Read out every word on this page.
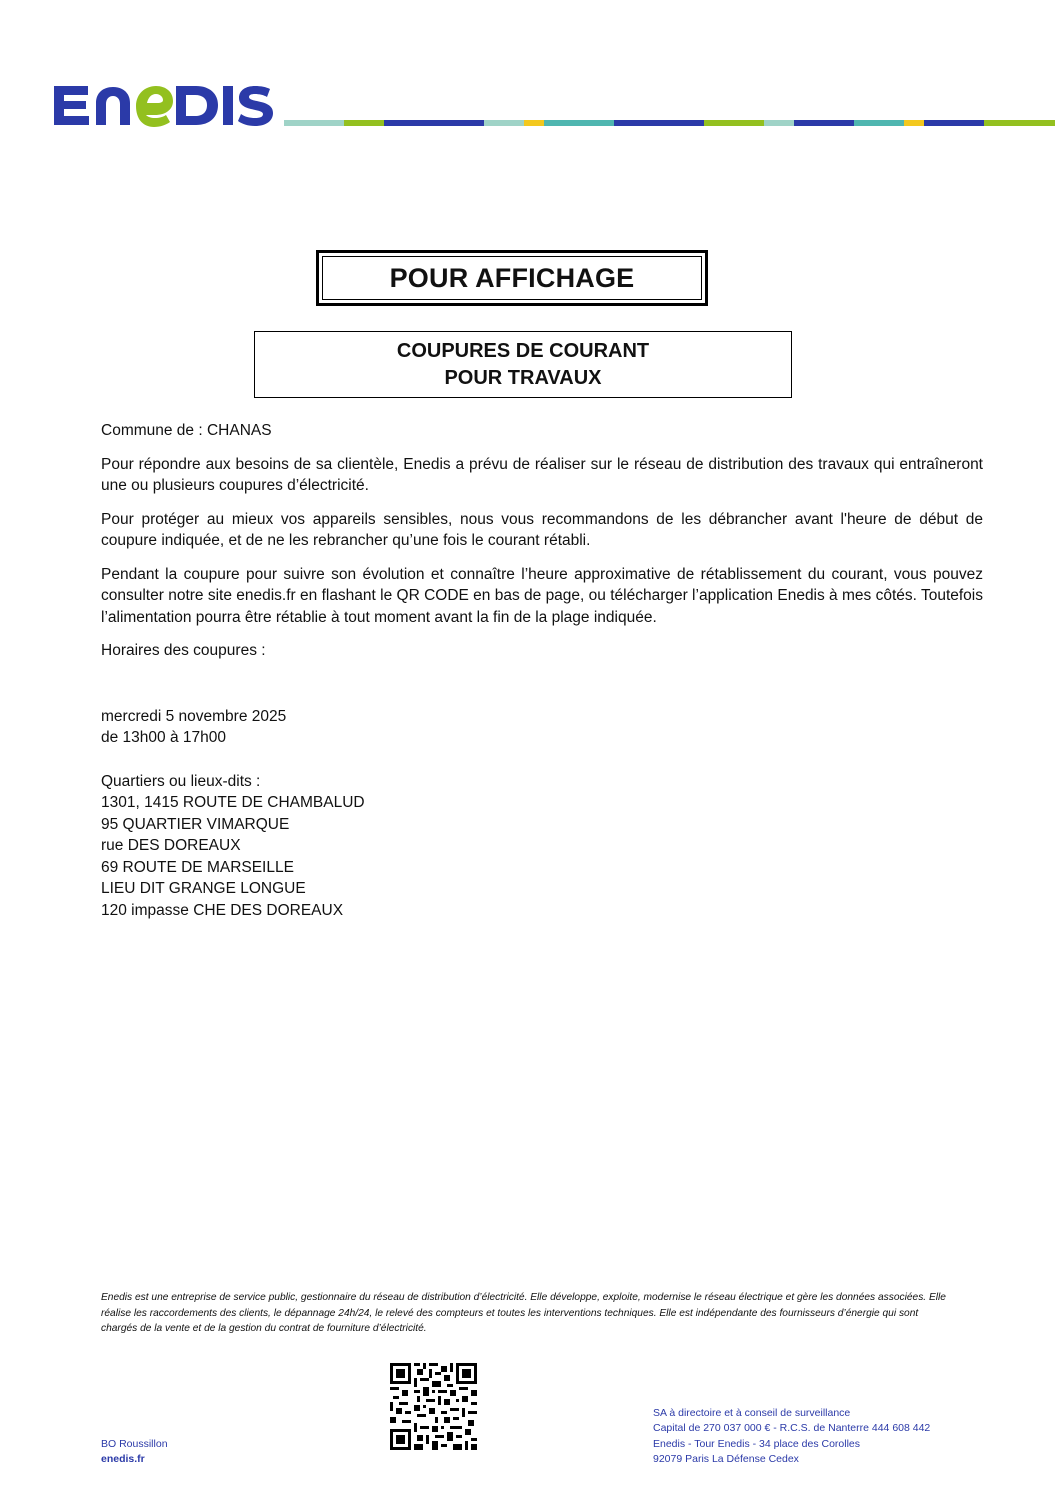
POUR AFFICHAGE
COUPURES DE COURANT
POUR TRAVAUX

Commune de : CHANAS

Pour répondre aux besoins de sa clientèle, Enedis a prévu de réaliser sur le réseau de distribution des travaux qui entraîneront une ou plusieurs coupures d’électricité.

Pour protéger au mieux vos appareils sensibles, nous vous recommandons de les débrancher avant l'heure de début de coupure indiquée, et de ne les rebrancher qu’une fois le courant rétabli.

Pendant la coupure pour suivre son évolution et connaître l’heure approximative de rétablissement du courant, vous pouvez consulter notre site enedis.fr en flashant le QR CODE en bas de page, ou télécharger l’application Enedis à mes côtés. Toutefois l’alimentation pourra être rétablie à tout moment avant la fin de la plage indiquée.

Horaires des coupures :

mercredi 5 novembre 2025
de 13h00 à 17h00
Quartiers ou lieux-dits :
1301, 1415 ROUTE DE CHAMBALUD
95 QUARTIER VIMARQUE
rue DES DOREAUX
69 ROUTE DE MARSEILLE
LIEU DIT GRANGE LONGUE
120 impasse CHE DES DOREAUX
Enedis est une entreprise de service public, gestionnaire du réseau de distribution d’électricité. Elle développe, exploite, modernise le réseau électrique et gère les données associées. Elle réalise les raccordements des clients, le dépannage 24h/24, le relevé des compteurs et toutes les interventions techniques. Elle est indépendante des fournisseurs d’énergie qui sont chargés de la vente et de la gestion du contrat de fourniture d’électricité.
BO Roussillon
enedis.fr
SA à directoire et à conseil de surveillance
Capital de 270 037 000 € - R.C.S. de Nanterre 444 608 442
Enedis - Tour Enedis - 34 place des Corolles
92079 Paris La Défense Cedex
